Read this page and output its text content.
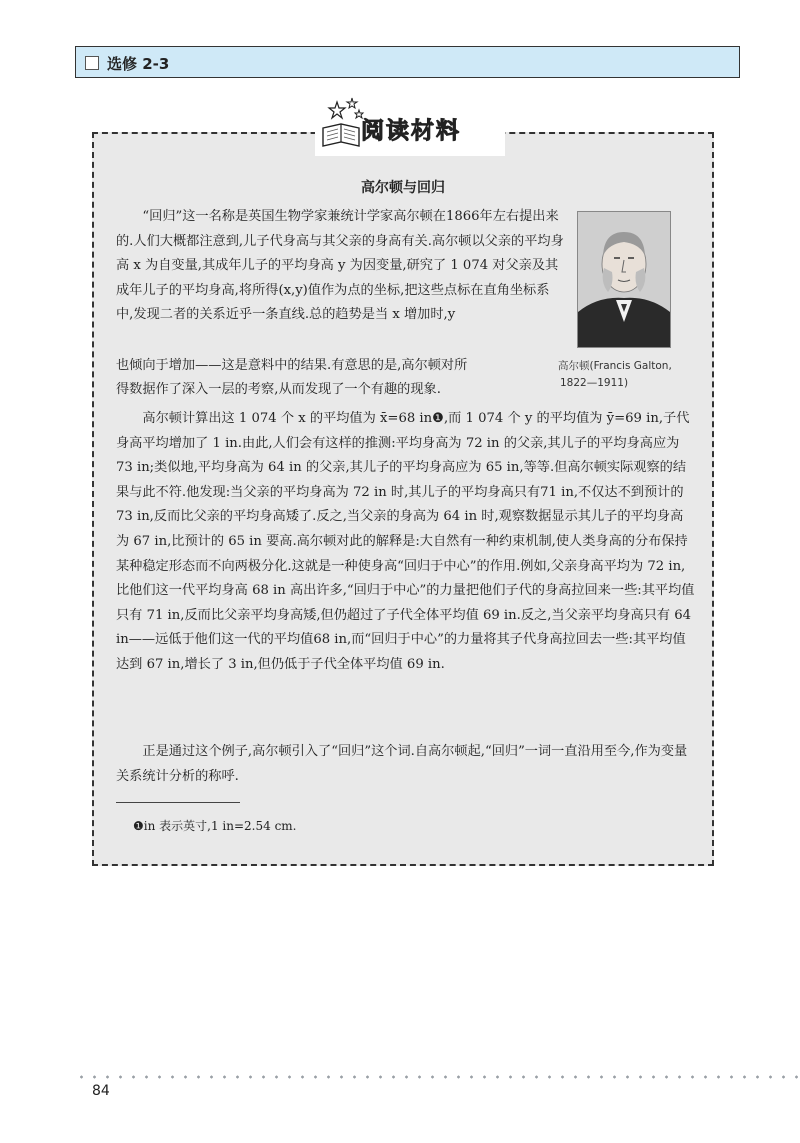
选修 2-3
阅读材料
高尔顿与回归

“回归”这一名称是英国生物学家兼统计学家高尔顿在1866年左右提出来的.人们大概都注意到,儿子代身高与其父亲的身高有关.高尔顿以父亲的平均身高 x 为自变量,其成年儿子的平均身高 y 为因变量,研究了 1 074 对父亲及其成年儿子的平均身高,将所得(x,y)值作为点的坐标,把这些点标在直角坐标系中,发现二者的关系近乎一条直线.总的趋势是当 x 增加时,y

也倾向于增加——这是意料中的结果.有意思的是,高尔顿对所

得数据作了深入一层的考察,从而发现了一个有趣的现象.

高尔顿(Francis Galton,
1822—1911)

高尔顿计算出这 1 074 个 x 的平均值为 x̄=68 in❶,而 1 074 个 y 的平均值为 ȳ=69 in,子代身高平均增加了 1 in.由此,人们会有这样的推测:平均身高为 72 in 的父亲,其儿子的平均身高应为 73 in;类似地,平均身高为 64 in 的父亲,其儿子的平均身高应为 65 in,等等.但高尔顿实际观察的结果与此不符.他发现:当父亲的平均身高为 72 in 时,其儿子的平均身高只有71 in,不仅达不到预计的 73 in,反而比父亲的平均身高矮了.反之,当父亲的身高为 64 in 时,观察数据显示其儿子的平均身高为 67 in,比预计的 65 in 要高.高尔顿对此的解释是:大自然有一种约束机制,使人类身高的分布保持某种稳定形态而不向两极分化.这就是一种使身高“回归于中心”的作用.例如,父亲身高平均为 72 in,比他们这一代平均身高 68 in 高出许多,“回归于中心”的力量把他们子代的身高拉回来一些:其平均值只有 71 in,反而比父亲平均身高矮,但仍超过了子代全体平均值 69 in.反之,当父亲平均身高只有 64 in——远低于他们这一代的平均值68 in,而“回归于中心”的力量将其子代身高拉回去一些:其平均值达到 67 in,增长了 3 in,但仍低于子代全体平均值 69 in.

正是通过这个例子,高尔顿引入了“回归”这个词.自高尔顿起,“回归”一词一直沿用至今,作为变量关系统计分析的称呼.

❶in 表示英寸,1 in=2.54 cm.
84
